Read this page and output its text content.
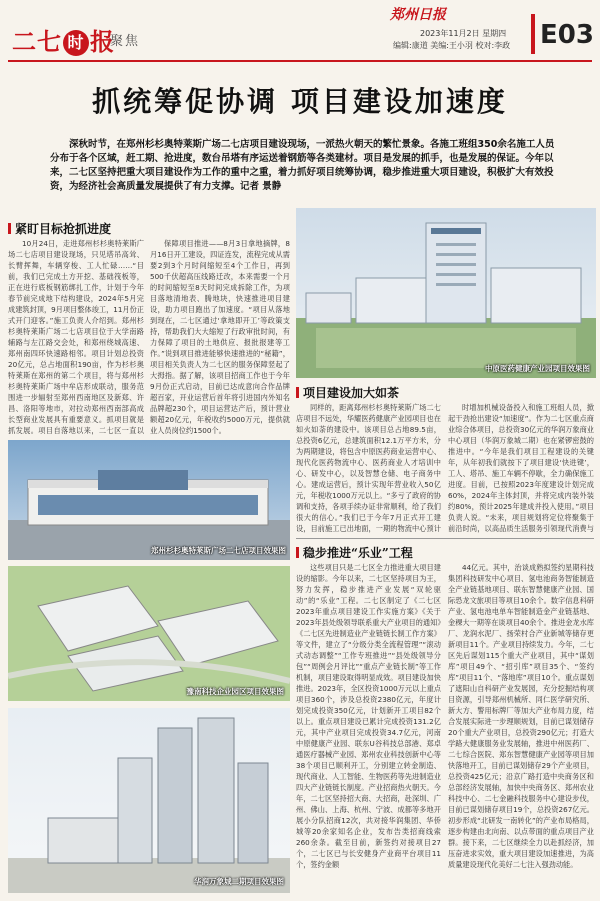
二七 时 报
聚焦
郑州日报
2023年11月2日 星期四
编辑:康道 美编:王小羽 校对:李政 E03
抓统筹促协调 项目建设加速度
深秋时节，在郑州杉杉奥特莱斯广场二七店项目建设现场，一派热火朝天的繁忙景象。各施工班组350余名施工人员分布于各个区域，赶工期、抢进度，数台吊塔有序运送着钢筋等各类建材。项目是发展的抓手，也是发展的保证。今年以来，二七区坚持把重大项目建设作为工作的重中之重，着力抓好项目统筹协调，稳步推进重大项目建设，积极扩大有效投资，为经济社会高质量发展提供了有力支撑。记者 景静
中原医药健康产业园项目效果图
紧盯目标抢抓进度
10月24日，走进郑州杉杉奥特莱斯广场二七店项目建设现场，只见塔吊高耸、长臂挥舞，车辆穿梭、工人忙碌……“目前，我们已完成土方开挖、基础筏板等，正在进行底板钢筋绑扎工作，计划于今年春节前完成地下结构建设，2024年5月完成建筑封顶，9月项目整体竣工，11月份正式开门迎客。”施工负责人介绍到。郑州杉杉奥特莱斯广场二七店项目位于大学南路辅路与左江路交会处，和郑州绕城高速、郑州南四环快速路相邻。项目计划总投资20亿元，总占地面积190亩，作为杉杉奥特莱斯在郑州的第二个项目，将与郑州杉杉奥特莱斯广场中牟店形成联动，服务范围进一步辐射至郑州西南地区及新郑、许昌、洛阳等地市，对拉动郑州西南部高成长型商业发展具有重要意义。抓项目就是抓发展。项目自落地以来，二七区一直以
保障项目推进——8月3日拿地摘牌，8月16日开工建设，四证连发，流程完成从需要2到3个月时间缩短至4个工作日，再到500千伏超高压线路迁改，本来需要一个月的时间缩短至8天时间完成拆除工作，为项目落地清地表、腾地块，快速推进项目建设，助力项目跑出了加速度。“项目从落地到现在，二七区通过‘拿地即开工’等政策支持，帮助我们大大缩短了行政审批时间，有力保障了项目的土地供应、报批报建等工作。”说到项目推进能够快速推进的“秘籍”，项目相关负责人为二七区的服务保障竖起了大拇指。据了解，该项目招商工作也于今年9月份正式启动，目前已达成意向合作品牌超百家，开业运营后首年将引进国内外知名品牌超230个，项目运营达产后，预计营业额超20亿元，年税收约5000万元，提供就业人员岗位约1500个。
郑州杉杉奥特莱斯广场二七店项目效果图
豫南科技企业园区项目效果图
华润万象城二期项目效果图
项目建设加大如茶
同样的，距离郑州杉杉奥特莱斯广场二七店项目不远处，华耀医药健康产业园项目也在如火如荼的建设中。该项目总占地89.5亩，总投资6亿元，总建筑面积12.1万平方米，分为两期建设，将包含中原医药商业运营中心、现代化医药物流中心、医药商业人才培训中心、研发中心，以及智慧仓储、电子商务中心。建成运营后，预计实现年营业收入50亿元，年税收1000万元以上。“多亏了政府的协调和支持，各项手续办证非常顺利，给了我们很大的信心。”我们已于今年7月正式开工建设，目前施工已出地面，一期的物流中心预计
时增加机械设备投入和施工班组人员，掀起干劲抢出建设“加速度”。作为二七区重点商业综合体项目，总投资30亿元的华润万象商业中心项目（华润万象城二期）也在紧锣密鼓的推进中。“今年是我们项目工程建设的关键年，从年初我们就按下了项目建设‘快进键’，工人、塔吊、施工车辆不停歇，全力确保施工进度。目前，已按照2023年度建设计划完成60%，2024年主体封顶，并将完成内装外装约80%，预计2025年建成并投入使用。”项目负责人说。“未来，项目规划将定位将聚集于前沿时尚，以高品质生活服务引领现代消费与
稳步推进“乐业”工程
这些项目只是二七区全力推进重大项目建设的缩影。今年以来，二七区坚持项目为王，努力发挥，稳步推进产业发展“双轮驱动”的“乐业”工程。二七区制定了《二七区2023年重点项目建设工作实施方案》《关于2023年县处级领导联系重大产业项目的通知》《二七区先进制造业产业链链长制工作方案》等文件，建立了“分级分类全流程管理”“滚动式动态调整”“工作专班推进”“县处级领导分包”“周例会月评比”“重点产业链长制”等工作机制，项目建设取得明显成效。项目建设加快推进。2023年，全区投资1000万元以上重点项目360个，涉及总投资2380亿元，年度计划完成投资350亿元，计划新开工项目82个以上。重点项目建设已累计完成投资131.2亿元，其中产业项目完成投资34.7亿元，河南中原健康产业园、联东U谷科技总部港、郑卓通医疗器械产业园、郑州农业科技创新中心等38个项目已顺利开工，分别建立转金制造、现代商业、人工智能、生物医药等先进制造业四大产业链链长制度。产业招商热火朝天。今年，二七区坚持招大商、大招商，赴深圳、广州、佛山、上海、杭州、宁波、成都等多地开展小分队招商12次，共对接华润集团、华侨城等20余家知名企业，发布告类招商线索260余条。截至目前，新签约对接项目27个，二七区已与长安健身产业商平台项目11个，签约金额
44亿元。其中，治谈成熟拟签约星期科技集团科技研发中心项目、氢电池商务智能制造全产业链基地项目、联东智慧健康产业园、国际恐龙文旅项目等项目10余个。数字信息科研产业、氢电池电单车智能制造金产业链基地、金稞大一期等在谈项目40余个。推进金龙水库厂、龙润水泥厂、扬荣村合产业新城等储存更新项目11个。产业项目持续发力。今年，二七区先后谋划115个重大产业项目，其中“谋划库”项目49个、“招引库”项目35个、“签约库”项目11个、“落地库”项目10个。重点谋划了遮阳山自科研产业发展园，充分挖掘结构项目资源，引导郑州机械所、同仁医学研究所、新大方、警用标牌厂等加大产业布局力度，结合发展实际进一步理顺规划，目前已谋划储存20个重大产业项目，总投资290亿元；打造大学路大健康服务业发展轴，推进中州医药厂、二七综合医院、郑东智慧健康产业园等项目加快落地开工，目前已谋划储存29个产业项目，总投资425亿元；沿京广路打造中央商务区和总部经济发展轴，加快中央商务区、郑州农业科技中心、二七金融科技服务中心建设步伐，目前已谋划储存项目19个，总投资267亿元。初步形成“北研发一南转化”的产业布局格局，逐步构建由北向南、以点带面的重点项目产业群。接下来，二七区继续全力以赴抓经济，加压奋进求实效，重大项目建设加速推进，为高质量建设现代化美好二七注入强劲动能。
